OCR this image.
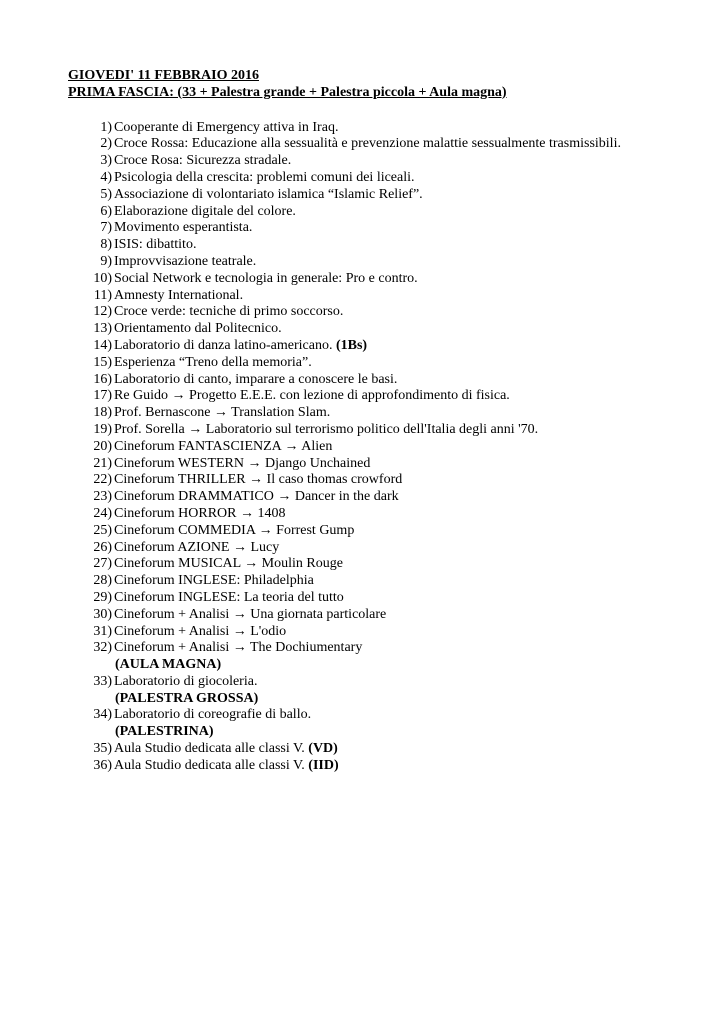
GIOVEDI' 11 FEBBRAIO 2016

PRIMA FASCIA: (33 + Palestra grande + Palestra piccola + Aula magna)

1) Cooperante di Emergency attiva in Iraq.
2) Croce Rossa: Educazione alla sessualità e prevenzione malattie sessualmente trasmissibili.
3) Croce Rosa: Sicurezza stradale.
4) Psicologia della crescita: problemi comuni dei liceali.
5) Associazione di volontariato islamica “Islamic Relief”.
6) Elaborazione digitale del colore.
7) Movimento esperantista.
8) ISIS: dibattito.
9) Improvvisazione teatrale.
10) Social Network e tecnologia in generale: Pro e contro.
11) Amnesty International.
12) Croce verde: tecniche di primo soccorso.
13) Orientamento dal Politecnico.
14) Laboratorio di danza latino-americano. (1Bs)
15) Esperienza “Treno della memoria”.
16) Laboratorio di canto, imparare a conoscere le basi.
17) Re Guido → Progetto E.E.E. con lezione di approfondimento di fisica.
18) Prof. Bernascone → Translation Slam.
19) Prof. Sorella → Laboratorio sul terrorismo politico dell'Italia degli anni '70.
20) Cineforum FANTASCIENZA → Alien
21) Cineforum WESTERN → Django Unchained
22) Cineforum THRILLER → Il caso thomas crowford
23) Cineforum DRAMMATICO → Dancer in the dark
24) Cineforum HORROR → 1408
25) Cineforum COMMEDIA → Forrest Gump
26) Cineforum AZIONE → Lucy
27) Cineforum MUSICAL → Moulin Rouge
28) Cineforum INGLESE: Philadelphia
29) Cineforum INGLESE: La teoria del tutto
30) Cineforum + Analisi → Una giornata particolare
31) Cineforum + Analisi → L'odio
32) Cineforum + Analisi → The Dochiumentary
(AULA MAGNA)
33) Laboratorio di giocoleria.
(PALESTRA GROSSA)
34) Laboratorio di coreografie di ballo.
(PALESTRINA)
35) Aula Studio dedicata alle classi V. (VD)
36) Aula Studio dedicata alle classi V. (IID)
